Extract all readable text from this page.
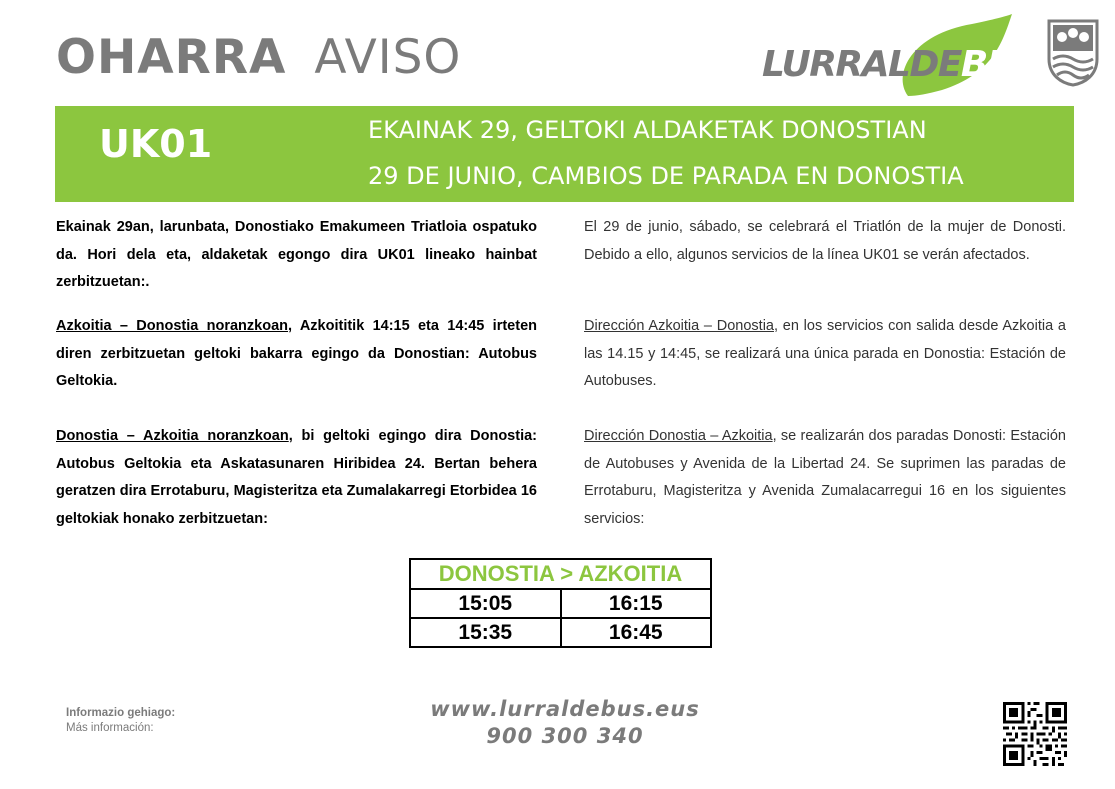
OHARRA AVISO	LURRALDEBUS
UK01	EKAINAK 29, GELTOKI ALDAKETAK DONOSTIAN
29 DE JUNIO, CAMBIOS DE PARADA EN DONOSTIA

Ekainak 29an, larunbata, Donostiako Emakumeen Triatloia ospatuko da. Hori dela eta, aldaketak egongo dira UK01 lineako hainbat zerbitzuetan:.

Azkoitia – Donostia noranzkoan, Azkoititik 14:15 eta 14:45 irteten diren zerbitzuetan geltoki bakarra egingo da Donostian: Autobus Geltokia.

Donostia – Azkoitia noranzkoan, bi geltoki egingo dira Donostia: Autobus Geltokia eta Askatasunaren Hiribidea 24. Bertan behera geratzen dira Errotaburu, Magisteritza eta Zumalakarregi Etorbidea 16 geltokiak honako zerbitzuetan:

El 29 de junio, sábado, se celebrará el Triatlón de la mujer de Donosti. Debido a ello, algunos servicios de la línea UK01 se verán afectados.

Dirección Azkoitia – Donostia, en los servicios con salida desde Azkoitia a las 14.15 y 14:45, se realizará una única parada en Donostia: Estación de Autobuses.

Dirección Donostia – Azkoitia, se realizarán dos paradas Donosti: Estación de Autobuses y Avenida de la Libertad 24. Se suprimen las paradas de Errotaburu, Magisteritza y Avenida Zumalacarregui 16 en los siguientes servicios:

DONOSTIA > AZKOITIA	
15:05	16:15
15:35	16:45
Informazio gehiago:
Más información:
www.lurraldebus.eus
900 300 340
